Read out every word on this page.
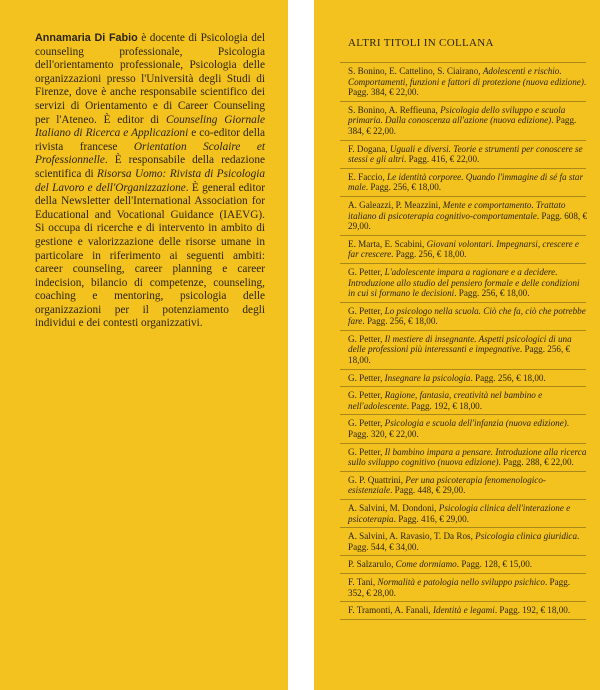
Annamaria Di Fabio è docente di Psicologia del counseling professionale, Psicologia dell'orientamento professionale, Psicologia delle organizzazioni presso l'Università degli Studi di Firenze, dove è anche responsabile scientifico dei servizi di Orientamento e di Career Counseling per l'Ateneo. È editor di Counseling Giornale Italiano di Ricerca e Applicazioni e co-editor della rivista francese Orientation Scolaire et Professionnelle. È responsabile della redazione scientifica di Risorsa Uomo: Rivista di Psicologia del Lavoro e dell'Organizzazione. È general editor della Newsletter dell'International Association for Educational and Vocational Guidance (IAEVG). Si occupa di ricerche e di intervento in ambito di gestione e valorizzazione delle risorse umane in particolare in riferimento ai seguenti ambiti: career counseling, career planning e career indecision, bilancio di competenze, counseling, coaching e mentoring, psicologia delle organizzazioni per il potenziamento degli individui e dei contesti organizzativi.

ALTRI TITOLI IN COLLANA
S. Bonino, E. Cattelino, S. Ciairano, Adolescenti e rischio. Comportamenti, funzioni e fattori di protezione (nuova edizione). Pagg. 384, € 22,00.
S. Bonino, A. Reffieuna, Psicologia dello sviluppo e scuola primaria. Dalla conoscenza all'azione (nuova edizione). Pagg. 384, € 22,00.
F. Dogana, Uguali e diversi. Teorie e strumenti per conoscere se stessi e gli altri. Pagg. 416, € 22,00.
E. Faccio, Le identità corporee. Quando l'immagine di sé fa star male. Pagg. 256, € 18,00.
A. Galeazzi, P. Meazzini, Mente e comportamento. Trattato italiano di psicoterapia cognitivo-comportamentale. Pagg. 608, € 29,00.
E. Marta, E. Scabini, Giovani volontari. Impegnarsi, crescere e far crescere. Pagg. 256, € 18,00.
G. Petter, L'adolescente impara a ragionare e a decidere. Introduzione allo studio del pensiero formale e delle condizioni in cui si formano le decisioni. Pagg. 256, € 18,00.
G. Petter, Lo psicologo nella scuola. Ciò che fa, ciò che potrebbe fare. Pagg. 256, € 18,00.
G. Petter, Il mestiere di insegnante. Aspetti psicologici di una delle professioni più interessanti e impegnative. Pagg. 256, € 18,00.
G. Petter, Insegnare la psicologia. Pagg. 256, € 18,00.
G. Petter, Ragione, fantasia, creatività nel bambino e nell'adolescente. Pagg. 192, € 18,00.
G. Petter, Psicologia e scuola dell'infanzia (nuova edizione). Pagg. 320, € 22,00.
G. Petter, Il bambino impara a pensare. Introduzione alla ricerca sullo sviluppo cognitivo (nuova edizione). Pagg. 288, € 22,00.
G. P. Quattrini, Per una psicoterapia fenomenologico-esistenziale. Pagg. 448, € 29,00.
A. Salvini, M. Dondoni, Psicologia clinica dell'interazione e psicoterapia. Pagg. 416, € 29,00.
A. Salvini, A. Ravasio, T. Da Ros, Psicologia clinica giuridica. Pagg. 544, € 34,00.
P. Salzarulo, Come dormiamo. Pagg. 128, € 15,00.
F. Tani, Normalità e patologia nello sviluppo psichico. Pagg. 352, € 28,00.
F. Tramonti, A. Fanali, Identità e legami. Pagg. 192, € 18,00.
